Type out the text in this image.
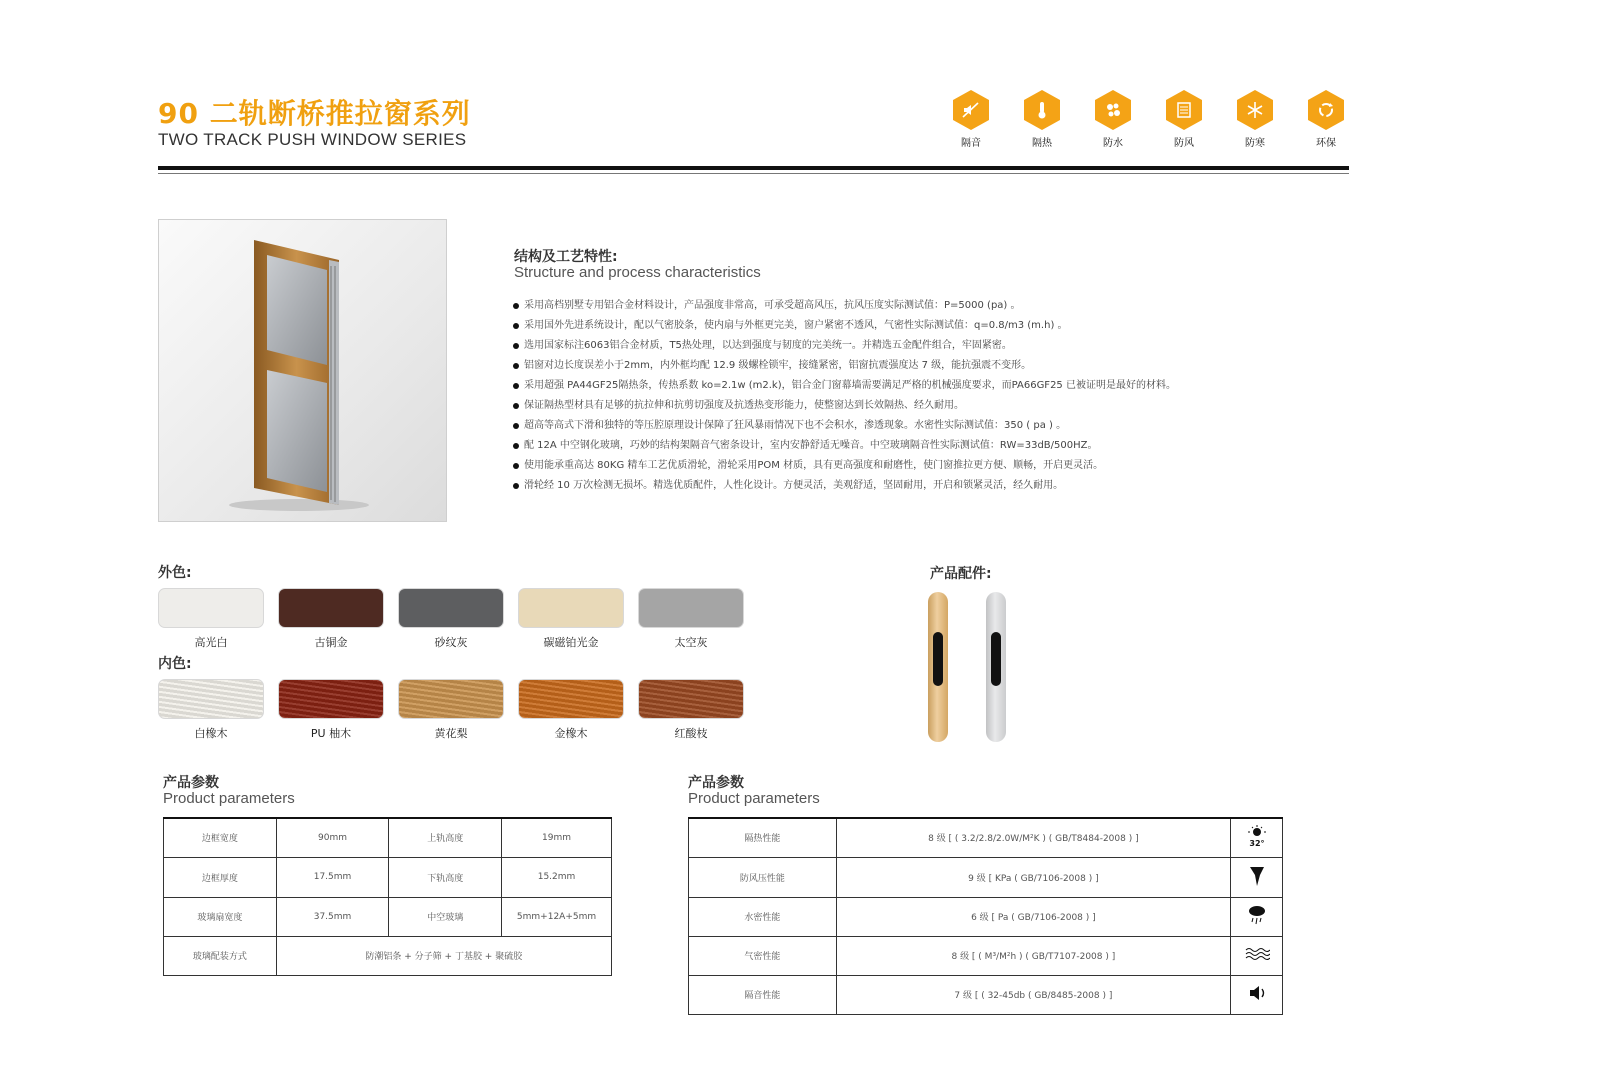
90 二轨断桥推拉窗系列
TWO TRACK PUSH WINDOW SERIES	隔音	隔热	防水	防风	防寒	环保
结构及工艺特性:
Structure and process characteristics
采用高档别墅专用铝合金材料设计，产品强度非常高，可承受超高风压，抗风压度实际测试值：P=5000 (pa) 。
采用国外先进系统设计，配以气密胶条，使内扇与外框更完美，窗户紧密不透风，气密性实际测试值：q=0.8/m3 (m.h) 。
选用国家标注6063铝合金材质，T5热处理，以达到强度与韧度的完美统一。并精选五金配件组合，牢固紧密。
铝窗对边长度误差小于2mm，内外框均配 12.9 级螺栓锁牢，接缝紧密，铝窗抗震强度达 7 级，能抗强震不变形。
采用超强 PA44GF25隔热条，传热系数 ko=2.1w (m2.k)，铝合金门窗幕墙需要满足严格的机械强度要求，而PA66GF25 已被证明是最好的材料。
保证隔热型材具有足够的抗拉伸和抗剪切强度及抗透热变形能力，使整窗达到长效隔热、经久耐用。
超高等高式下滑和独特的等压腔原理设计保障了狂风暴雨情况下也不会积水，渗透现象。水密性实际测试值：350 ( pa ) 。
配 12A 中空钢化玻璃，巧妙的结构架隔音气密条设计，室内安静舒适无噪音。中空玻璃隔音性实际测试值：RW=33dB/500HZ。
使用能承重高达 80KG 精车工艺优质滑轮，滑轮采用POM 材质，具有更高强度和耐磨性，使门窗推拉更方便、顺畅，开启更灵活。
滑轮经 10 万次检测无损坏。精选优质配件，人性化设计。方便灵活，美观舒适，坚固耐用，开启和锁紧灵活，经久耐用。
外色:
高光白	古铜金	砂纹灰	碳磁铂光金	太空灰
内色:
白橡木	PU 柚木	黄花梨	金橡木	红酸枝
产品配件:
产品参数
Product parameters
边框宽度	90mm	上轨高度	19mm
边框厚度	17.5mm	下轨高度	15.2mm
玻璃扇宽度	37.5mm	中空玻璃	5mm+12A+5mm
玻璃配装方式	防潮铝条 + 分子筛 + 丁基胶 + 聚硫胶		
产品参数
Product parameters
隔热性能	8 级 [ ( 3.2/2.8/2.0W/M²K ) ( GB/T8484-2008 ) ]	32°

防风压性能	9 级 [ KPa ( GB/7106-2008 ) ]	
水密性能	6 级 [ Pa ( GB/7106-2008 ) ]	
气密性能	8 级 [ ( M³/M²h ) ( GB/T7107-2008 ) ]	
隔音性能	7 级 [ ( 32-45db ( GB/8485-2008 ) ]	
